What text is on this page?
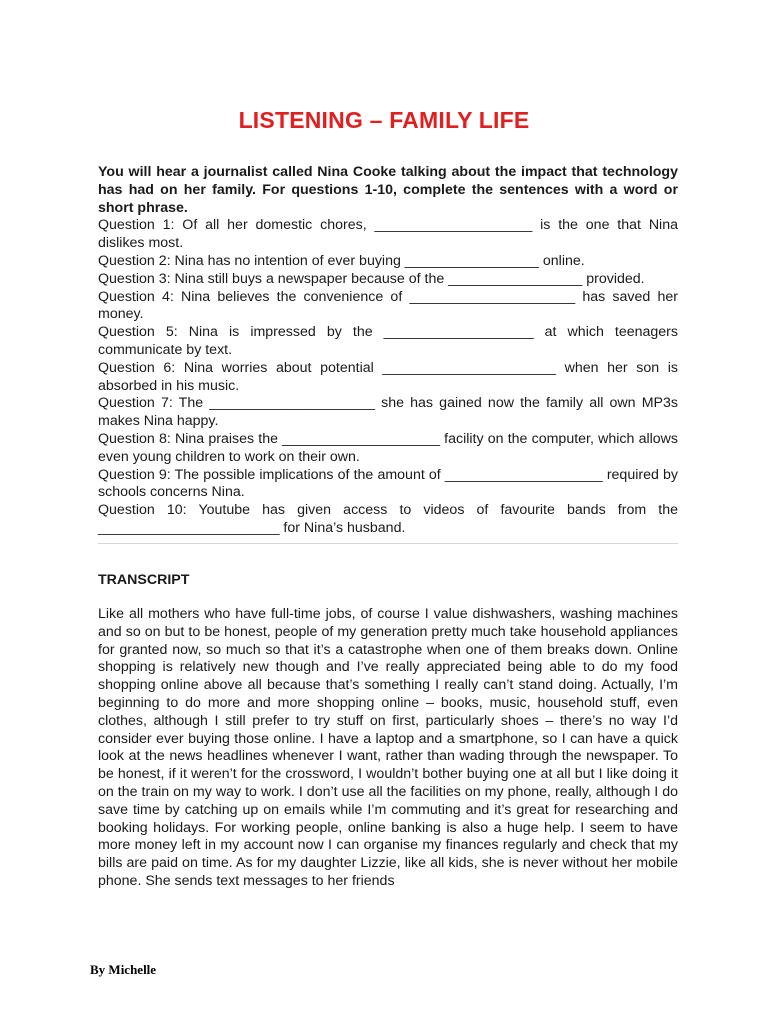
LISTENING – FAMILY LIFE
You will hear a journalist called Nina Cooke talking about the impact that technology has had on her family. For questions 1-10, complete the sentences with a word or short phrase.
Question 1: Of all her domestic chores, ____________________ is the one that Nina dislikes most.
Question 2: Nina has no intention of ever buying _________________ online.
Question 3: Nina still buys a newspaper because of the _________________ provided.
Question 4: Nina believes the convenience of _____________________ has saved her money.
Question 5: Nina is impressed by the ___________________ at which teenagers communicate by text.
Question 6: Nina worries about potential ______________________ when her son is absorbed in his music.
Question 7: The _____________________ she has gained now the family all own MP3s makes Nina happy.
Question 8: Nina praises the ____________________ facility on the computer, which allows even young children to work on their own.
Question 9: The possible implications of the amount of ____________________ required by schools concerns Nina.
Question 10: Youtube has given access to videos of favourite bands from the _______________________ for Nina’s husband.
TRANSCRIPT
Like all mothers who have full-time jobs, of course I value dishwashers, washing machines and so on but to be honest, people of my generation pretty much take household appliances for granted now, so much so that it’s a catastrophe when one of them breaks down. Online shopping is relatively new though and I’ve really appreciated being able to do my food shopping online above all because that’s something I really can’t stand doing. Actually, I’m beginning to do more and more shopping online – books, music, household stuff, even clothes, although I still prefer to try stuff on first, particularly shoes – there’s no way I’d consider ever buying those online. I have a laptop and a smartphone, so I can have a quick look at the news headlines whenever I want, rather than wading through the newspaper. To be honest, if it weren’t for the crossword, I wouldn’t bother buying one at all but I like doing it on the train on my way to work. I don’t use all the facilities on my phone, really, although I do save time by catching up on emails while I’m commuting and it’s great for researching and booking holidays. For working people, online banking is also a huge help. I seem to have more money left in my account now I can organise my finances regularly and check that my bills are paid on time. As for my daughter Lizzie, like all kids, she is never without her mobile phone. She sends text messages to her friends
By Michelle
